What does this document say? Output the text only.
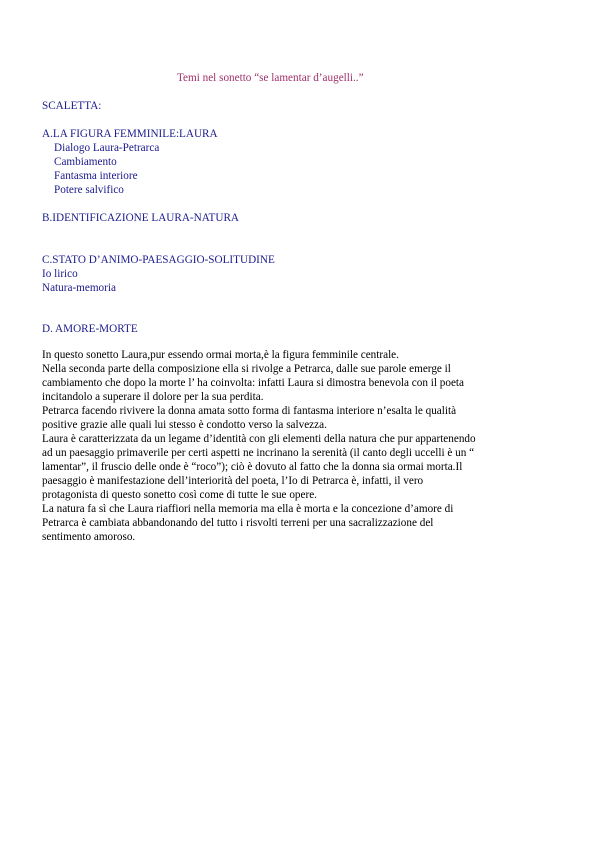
Temi nel sonetto “se lamentar d’augelli..”
SCALETTA:
A.LA FIGURA FEMMINILE:LAURA
Dialogo Laura-Petrarca
Cambiamento
Fantasma interiore
Potere salvifico
B.IDENTIFICAZIONE LAURA-NATURA
C.STATO D’ANIMO-PAESAGGIO-SOLITUDINE
Io lirico
Natura-memoria
D. AMORE-MORTE
In questo sonetto Laura,pur essendo ormai morta,è la figura femminile centrale.
Nella seconda parte della composizione ella si rivolge a Petrarca, dalle sue parole emerge il
cambiamento che dopo la morte l’ ha coinvolta: infatti Laura si dimostra benevola con il poeta
incitandolo a superare il dolore per la sua perdita.
Petrarca facendo rivivere la donna amata sotto forma di fantasma interiore n’esalta le qualità
positive grazie alle quali lui stesso è condotto verso la salvezza.
Laura è caratterizzata da un legame d’identità con gli elementi della natura che pur appartenendo
ad un paesaggio primaverile per certi aspetti ne incrinano la serenità (il canto degli uccelli è un “
lamentar”, il fruscio delle onde è “roco”); ciò è dovuto al fatto che la donna sia ormai morta.Il
paesaggio è manifestazione dell’interiorità del poeta, l’Io di Petrarca è, infatti, il vero
protagonista di questo sonetto così come di tutte le sue opere.
La natura fa sì che Laura riaffiori nella memoria ma ella è morta e la concezione d’amore di
Petrarca è cambiata abbandonando del tutto i risvolti terreni per una sacralizzazione del
sentimento amoroso.
